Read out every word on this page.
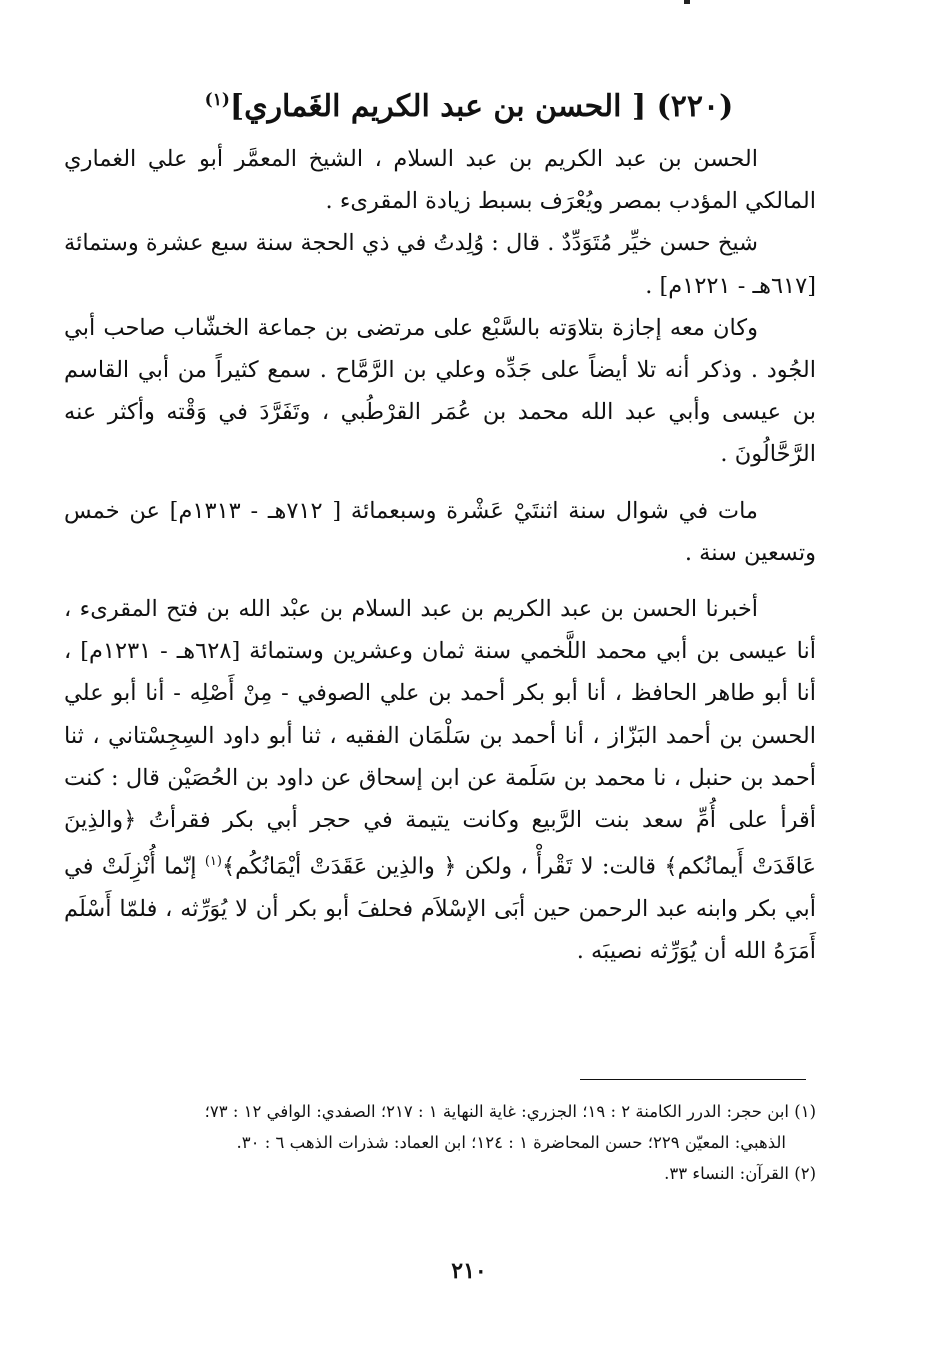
(٢٢٠) [ الحسن بن عبد الكريم الغَماري]$^{(١)}$

الحسن بن عبد الكريم بن عبد السلام ، الشيخ المعمَّر أبو علي الغماري المالكي المؤدب بمصر ويُعْرَف بسبط زيادة المقرىء .

شيخ حسن خيِّر مُتَوَدِّدٌ . قال : وُلِدتُ في ذي الحجة سنة سبع عشرة وستمائة [٦١٧هـ - ١٢٢١م] .

وكان معه إجازة بتلاوَته بالسَّبْع على مرتضى بن جماعة الخشّاب صاحب أبي الجُود . وذكر أنه تلا أيضاً على جَدِّه وعلي بن الرَّمَّاح . سمع كثيراً من أبي القاسم بن عيسى وأبي عبد الله محمد بن عُمَر القرْطُبي ، وتَفَرَّدَ في وَقْته وأكثر عنه الرَّحَّالُونَ .

مات في شوال سنة اثنتَيْ عَشْرة وسبعمائة [ ٧١٢هـ - ١٣١٣م] عن خمس وتسعين سنة .

أخبرنا الحسن بن عبد الكريم بن عبد السلام بن عبْد الله بن فتح المقرىء ، أنا عيسى بن أبي محمد اللَّخمي سنة ثمان وعشرين وستمائة [٦٢٨هـ - ١٢٣١م] ، أنا أبو طاهر الحافظ ، أنا أبو بكر أحمد بن علي الصوفي - مِنْ أَصْلِه - أنا أبو علي الحسن بن أحمد البَزّاز ، أنا أحمد بن سَلْمَان الفقيه ، ثنا أبو داود السِجِسْتاني ، ثنا أحمد بن حنبل ، نا محمد بن سَلَمة عن ابن إسحاق عن داود بن الحُصَيْن قال : كنت أقرأ على أُمِّ سعد بنت الرَّبيع وكانت يتيمة في حجر أبي بكر فقرأتُ ﴿والذِينَ عَاقَدَتْ أَيمانُكم﴾ قالت: لا تَقْرأْ ، ولكن ﴿ والذِين عَقَدَتْ أيْمَانُكُم﴾$^{(١)}$ إنّما أُنْزِلَتْ في أبي بكر وابنه عبد الرحمن حين أبَى الإسْلاَم فحلفَ أبو بكر أن لا يُوَرِّثه ، فلمّا أَسْلَم أَمَرَهُ الله أن يُوَرِّثه نصيبَه .

(١) ابن حجر: الدرر الكامنة ٢ : ١٩؛ الجزري: غاية النهاية ١ : ٢١٧؛ الصفدي: الوافي ١٢ : ٧٣؛

الذهبي: المعيّن ٢٢٩؛ حسن المحاضرة ١ : ١٢٤؛ ابن العماد: شذرات الذهب ٦ : ٣٠.

(٢) القرآن: النساء ٣٣.

٢١٠
